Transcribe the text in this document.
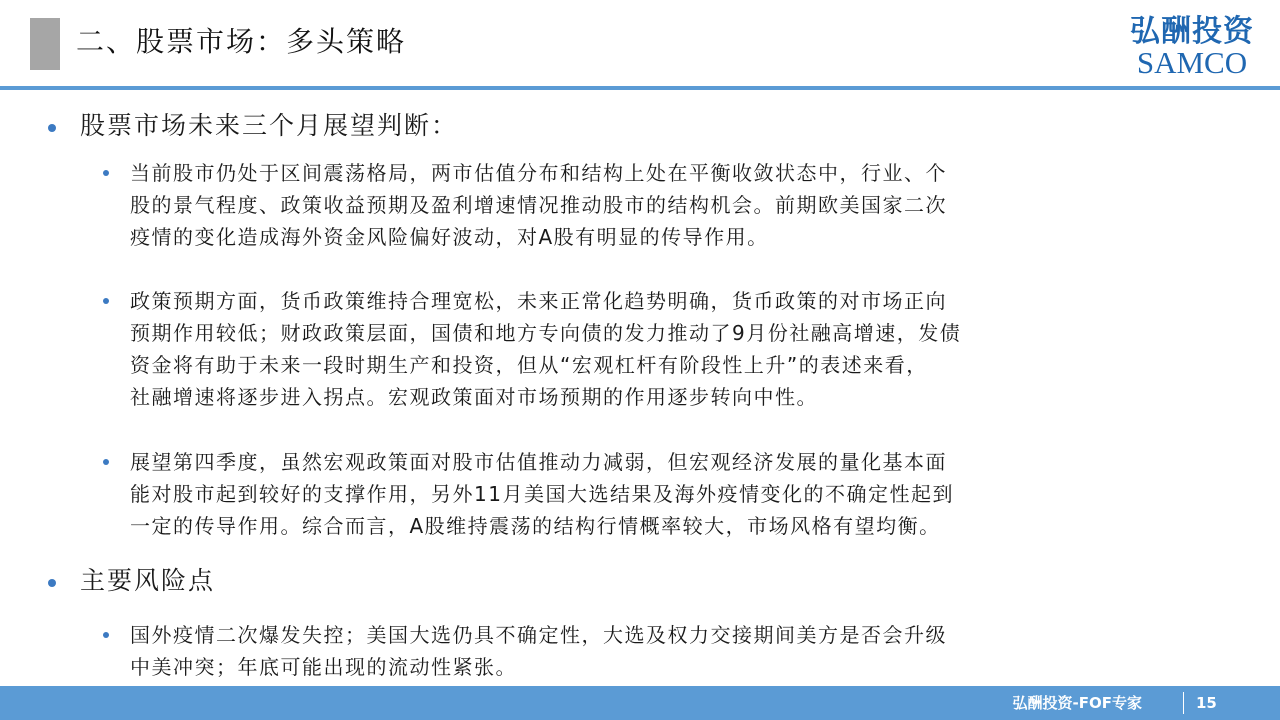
二、股票市场：多头策略	弘酬投资
SAMCO
股票市场未来三个月展望判断：
当前股市仍处于区间震荡格局，两市估值分布和结构上处在平衡收敛状态中，行业、个
股的景气程度、政策收益预期及盈利增速情况推动股市的结构机会。前期欧美国家二次
疫情的变化造成海外资金风险偏好波动，对A股有明显的传导作用。
政策预期方面，货币政策维持合理宽松，未来正常化趋势明确，货币政策的对市场正向
预期作用较低；财政政策层面，国债和地方专向债的发力推动了9月份社融高增速，发债
资金将有助于未来一段时期生产和投资，但从“宏观杠杆有阶段性上升”的表述来看，
社融增速将逐步进入拐点。宏观政策面对市场预期的作用逐步转向中性。
展望第四季度，虽然宏观政策面对股市估值推动力减弱，但宏观经济发展的量化基本面
能对股市起到较好的支撑作用，另外11月美国大选结果及海外疫情变化的不确定性起到
一定的传导作用。综合而言，A股维持震荡的结构行情概率较大，市场风格有望均衡。
主要风险点
国外疫情二次爆发失控；美国大选仍具不确定性，大选及权力交接期间美方是否会升级
中美冲突；年底可能出现的流动性紧张。
弘酬投资-FOF专家	15
